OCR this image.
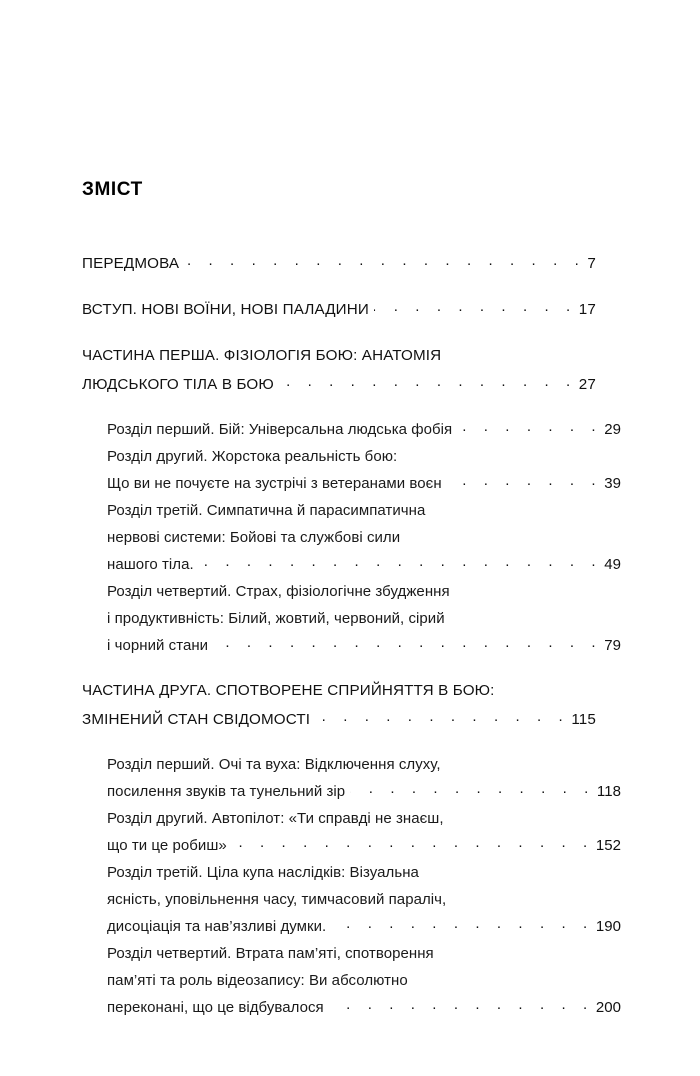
ЗМІСТ
ПЕРЕДМОВА . . .	7
ВСТУП. НОВІ ВОЇНИ, НОВІ ПАЛАДИНИ . . .	17
ЧАСТИНА ПЕРША. ФІЗІОЛОГІЯ БОЮ: АНАТОМІЯ
ЛЮДСЬКОГО ТІЛА В БОЮ . . .	27
Розділ перший. Бій: Універсальна людська фобія . . .	29
Розділ другий. Жорстока реальність бою:
Що ви не почуєте на зустрічі з ветеранами воєн . . .	39
Розділ третій. Симпатична й парасимпатична
нервові системи: Бойові та службові сили
нашого тіла. . . .	49
Розділ четвертий. Страх, фізіологічне збудження
і продуктивність: Білий, жовтий, червоний, сірий
і чорний стани . . .	79
ЧАСТИНА ДРУГА. СПОТВОРЕНЕ СПРИЙНЯТТЯ В БОЮ:
ЗМІНЕНИЙ СТАН СВІДОМОСТІ . . .	115
Розділ перший. Очі та вуха: Відключення слуху,
посилення звуків та тунельний зір . . .	118
Розділ другий. Автопілот: «Ти справді не знаєш,
що ти це робиш» . . .	152
Розділ третій. Ціла купа наслідків: Візуальна
ясність, уповільнення часу, тимчасовий параліч,
дисоціація та нав’язливі думки. . . .	190
Розділ четвертий. Втрата пам’яті, спотворення
пам’яті та роль відеозапису: Ви абсолютно
переконані, що це відбувалося . . .	200
